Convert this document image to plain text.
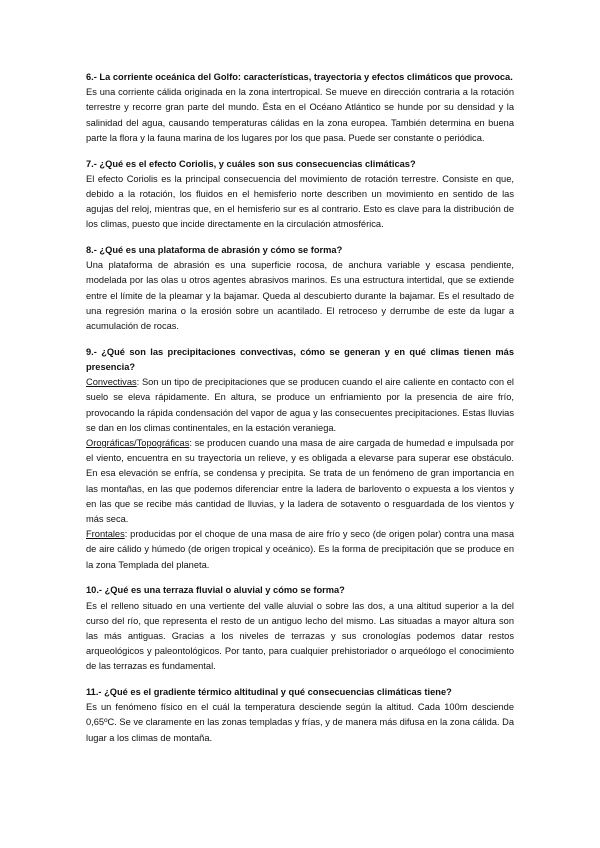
6.- La corriente oceánica del Golfo: características, trayectoria y efectos climáticos que provoca.

Es una corriente cálida originada en la zona intertropical. Se mueve en dirección contraria a la rotación terrestre y recorre gran parte del mundo. Ésta en el Océano Atlántico se hunde por su densidad y la salinidad del agua, causando temperaturas cálidas en la zona europea. También determina en buena parte la flora y la fauna marina de los lugares por los que pasa. Puede ser constante o periódica.

7.- ¿Qué es el efecto Coriolis, y cuáles son sus consecuencias climáticas?

El efecto Coriolis es la principal consecuencia del movimiento de rotación terrestre. Consiste en que, debido a la rotación, los fluidos en el hemisferio norte describen un movimiento en sentido de las agujas del reloj, mientras que, en el hemisferio sur es al contrario. Esto es clave para la distribución de los climas, puesto que incide directamente en la circulación atmosférica.

8.- ¿Qué es una plataforma de abrasión y cómo se forma?

Una plataforma de abrasión es una superficie rocosa, de anchura variable y escasa pendiente, modelada por las olas u otros agentes abrasivos marinos. Es una estructura intertidal, que se extiende entre el límite de la pleamar y la bajamar. Queda al descubierto durante la bajamar. Es el resultado de una regresión marina o la erosión sobre un acantilado. El retroceso y derrumbe de este da lugar a acumulación de rocas.

9.- ¿Qué son las precipitaciones convectivas, cómo se generan y en qué climas tienen más presencia?

Convectivas: Son un tipo de precipitaciones que se producen cuando el aire caliente en contacto con el suelo se eleva rápidamente. En altura, se produce un enfriamiento por la presencia de aire frío, provocando la rápida condensación del vapor de agua y las consecuentes precipitaciones. Estas lluvias se dan en los climas continentales, en la estación veraniega.

Orográficas/Topográficas: se producen cuando una masa de aire cargada de humedad e impulsada por el viento, encuentra en su trayectoria un relieve, y es obligada a elevarse para superar ese obstáculo. En esa elevación se enfría, se condensa y precipita. Se trata de un fenómeno de gran importancia en las montañas, en las que podemos diferenciar entre la ladera de barlovento o expuesta a los vientos y en las que se recibe más cantidad de lluvias, y la ladera de sotavento o resguardada de los vientos y más seca.

Frontales: producidas por el choque de una masa de aire frío y seco (de origen polar) contra una masa de aire cálido y húmedo (de origen tropical y oceánico). Es la forma de precipitación que se produce en la zona Templada del planeta.

10.- ¿Qué es una terraza fluvial o aluvial y cómo se forma?

Es el relleno situado en una vertiente del valle aluvial o sobre las dos, a una altitud superior a la del curso del río, que representa el resto de un antiguo lecho del mismo. Las situadas a mayor altura son las más antiguas. Gracias a los niveles de terrazas y sus cronologías podemos datar restos arqueológicos y paleontológicos. Por tanto, para cualquier prehistoriador o arqueólogo el conocimiento de las terrazas es fundamental.

11.- ¿Qué es el gradiente térmico altitudinal y qué consecuencias climáticas tiene?

Es un fenómeno físico en el cuál la temperatura desciende según la altitud. Cada 100m desciende 0,65ºC. Se ve claramente en las zonas templadas y frías, y de manera más difusa en la zona cálida. Da lugar a los climas de montaña.
